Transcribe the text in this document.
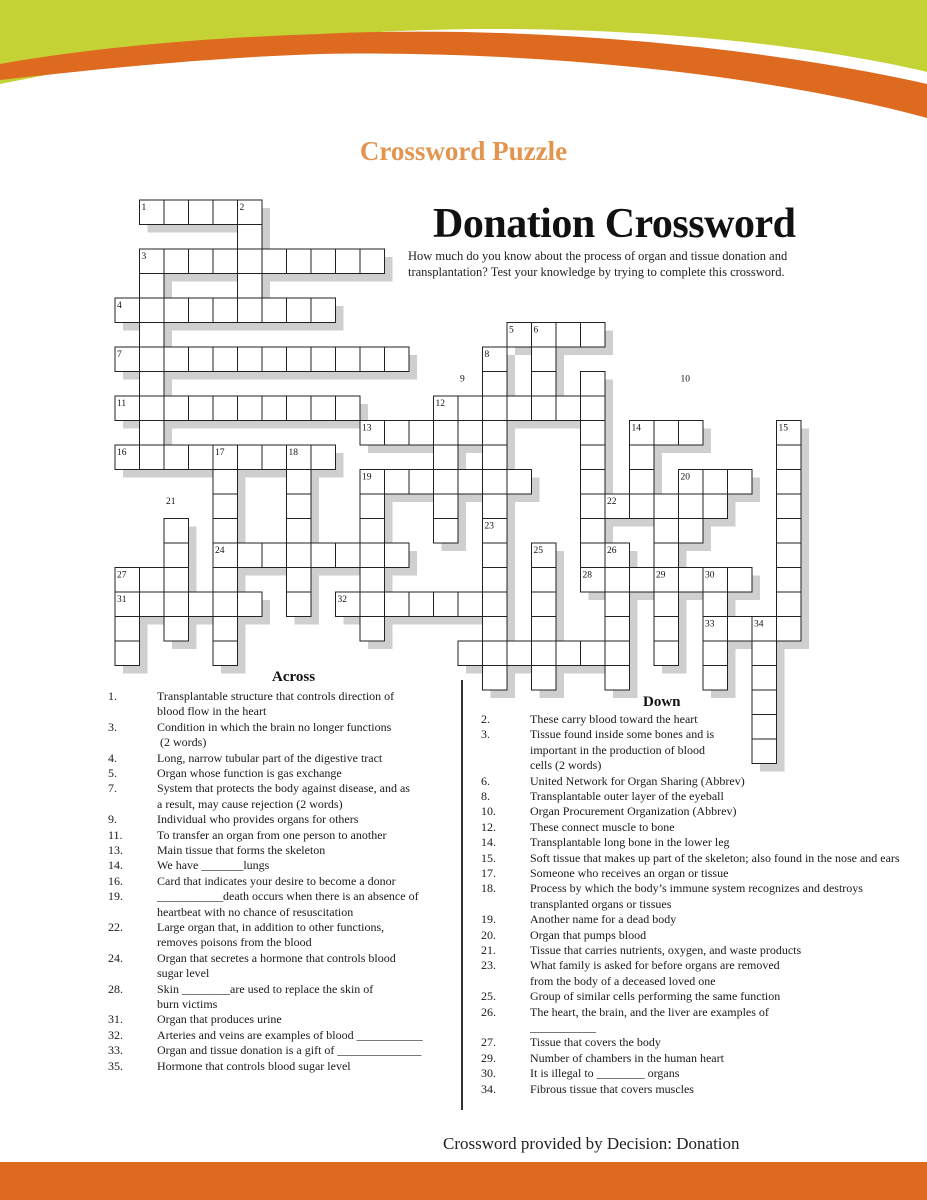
Crossword Puzzle
Donation Crossword
How much do you know about the process of organ and tissue donation and transplantation? Test your knowledge by trying to complete this crossword.
1	2
3
4
5 6
7	8
9	10
11	12
13	14	15
16	17	18
19	20
21	22
23
24	25	26
27	28	29	30
31	32
33	34
Across
1.	Transplantable structure that controls direction of
blood flow in the heart
3.	Condition in which the brain no longer functions
(2 words)
4.	Long, narrow tubular part of the digestive tract
5.	Organ whose function is gas exchange
7.	System that protects the body against disease, and as
a result, may cause rejection (2 words)
9.	Individual who provides organs for others
11.	To transfer an organ from one person to another
13.	Main tissue that forms the skeleton
14.	We have _______lungs
16.	Card that indicates your desire to become a donor
19.	___________death occurs when there is an absence of
heartbeat with no chance of resuscitation
22.	Large organ that, in addition to other functions,
removes poisons from the blood
24.	Organ that secretes a hormone that controls blood
sugar level
28.	Skin ________are used to replace the skin of
burn victims
31.	Organ that produces urine
32.	Arteries and veins are examples of blood ___________
33.	Organ and tissue donation is a gift of ______________
35.	Hormone that controls blood sugar level
Down
2.	These carry blood toward the heart
3.	Tissue found inside some bones and is
important in the production of blood
cells (2 words)
6.	United Network for Organ Sharing (Abbrev)
8.	Transplantable outer layer of the eyeball
10.	Organ Procurement Organization (Abbrev)
12.	These connect muscle to bone
14.	Transplantable long bone in the lower leg
15.	Soft tissue that makes up part of the skeleton; also found in the nose and ears
17.	Someone who receives an organ or tissue
18.	Process by which the body’s immune system recognizes and destroys
transplanted organs or tissues
19.	Another name for a dead body
20.	Organ that pumps blood
21.	Tissue that carries nutrients, oxygen, and waste products
23.	What family is asked for before organs are removed
from the body of a deceased loved one
25.	Group of similar cells performing the same function
26.	The heart, the brain, and the liver are examples of
___________
27.	Tissue that covers the body
29.	Number of chambers in the human heart
30.	It is illegal to ________ organs
34.	Fibrous tissue that covers muscles
Crossword provided by Decision: Donation
